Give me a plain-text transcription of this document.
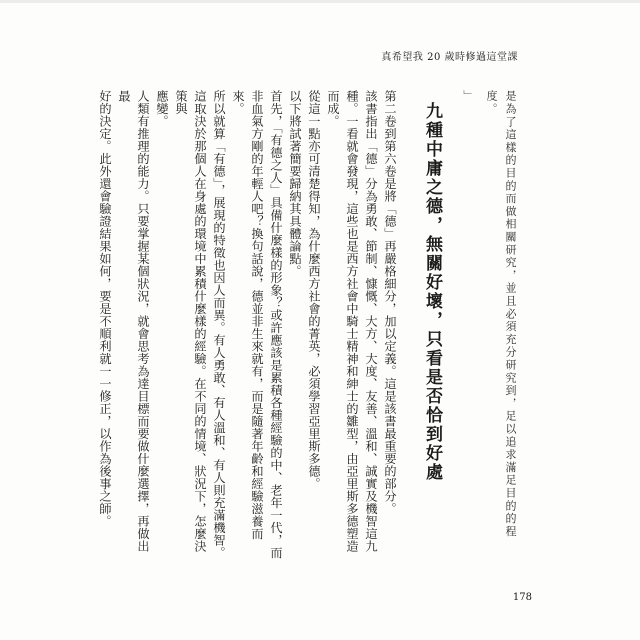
真希望我 20 歲時修過這堂課
是為了這樣的目的而做相關研究，並且必須充分研究到，足以追求滿足目的的程度。
」
九種中庸之德，無關好壞，只看是否恰到好處
第二卷到第六卷是將「德」再嚴格細分，加以定義。這是該書最重要的部分。
該書指出「德」分為勇敢、節制、慷慨、大方、大度、友善、溫和、誠實及機智這九
種。一看就會發現，這些也是西方社會中騎士精神和紳士的雛型，由亞里斯多德塑造而成。
從這一點亦可清楚得知，為什麼西方社會的菁英，必須學習亞里斯多德。
以下將試著簡要歸納其具體論點。
首先，「有德之人」具備什麼樣的形象？或許應該是累積各種經驗的中、老年一代，而
非血氣方剛的年輕人吧？換句話說，德並非生來就有，而是隨著年齡和經驗滋養而來。
所以就算「有德」，展現的特徵也因人而異。有人勇敢、有人溫和、有人則充滿機智。
這取決於那個人在身處的環境中累積什麼樣的經驗。在不同的情境、狀況下，怎麼決策與
應變。
人類有推理的能力。只要掌握某個狀況，就會思考為達目標而要做什麼選擇，再做出最
好的決定。此外還會驗證結果如何，要是不順利就一一修正，以作為後事之師。
178
